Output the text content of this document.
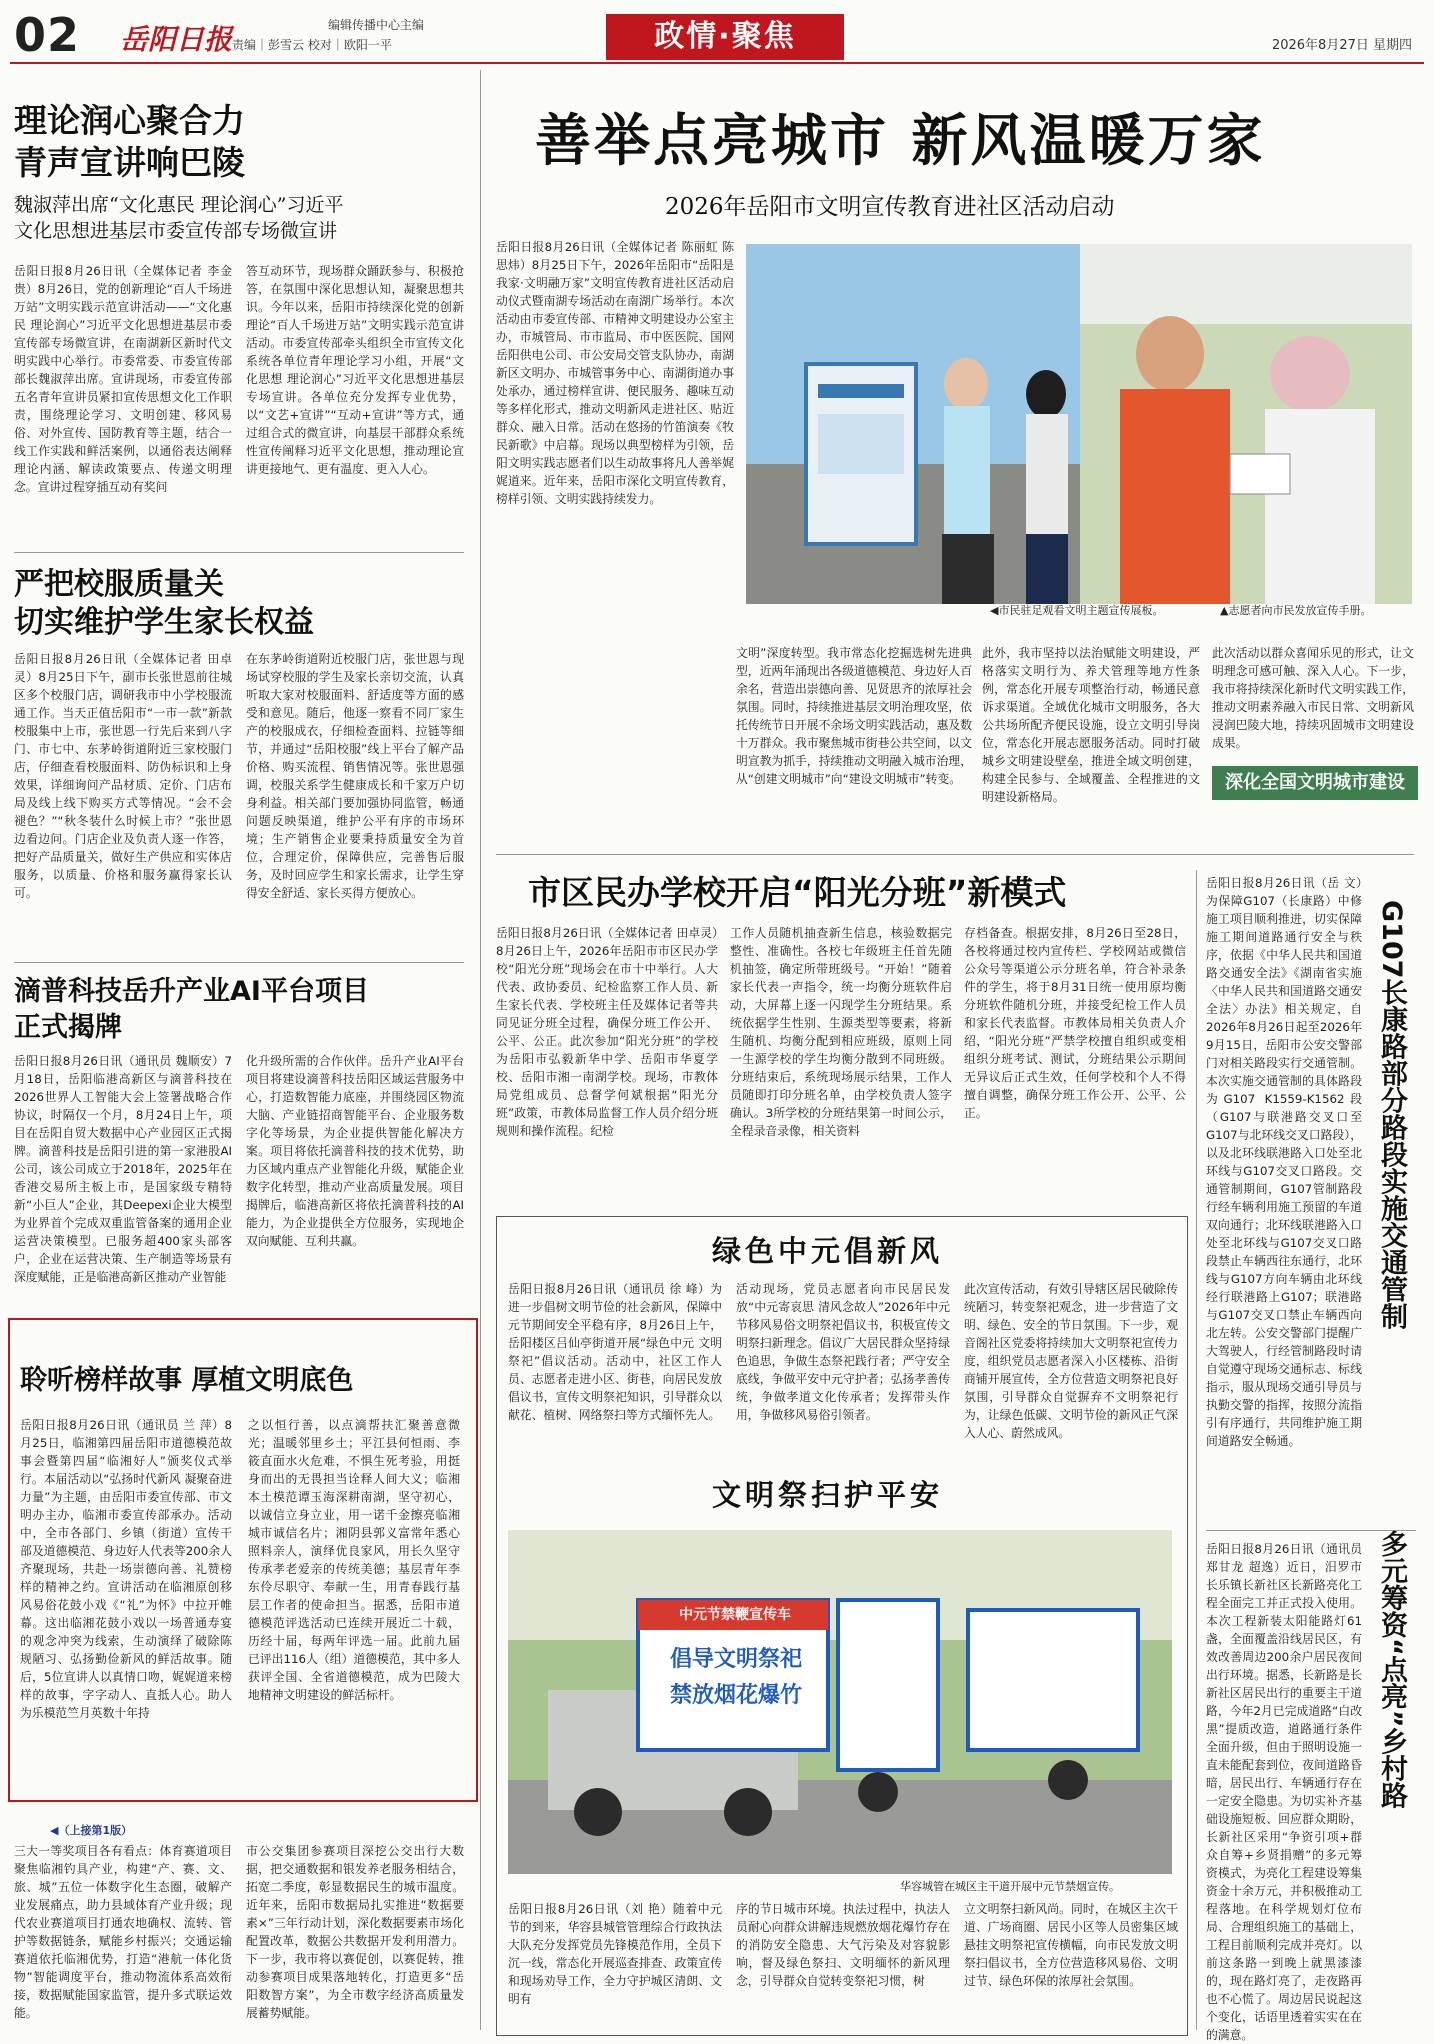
02 岳阳日报	编辑传播中心主编
责编｜彭雪云 校对｜欧阳一平	政情·聚焦	2026年8月27日 星期四
理论润心聚合力
青声宣讲响巴陵
魏淑萍出席“文化惠民 理论润心”习近平
文化思想进基层市委宣传部专场微宣讲
岳阳日报8月26日讯（全媒体记者 李金贵）8月26日，党的创新理论“百人千场进万站”文明实践示范宣讲活动——“文化惠民 理论润心”习近平文化思想进基层市委宣传部专场微宣讲，在南湖新区新时代文明实践中心举行。市委常委、市委宣传部部长魏淑萍出席。宣讲现场，市委宣传部五名青年宣讲员紧扣宣传思想文化工作职责，围绕理论学习、文明创建、移风易俗、对外宣传、国防教育等主题，结合一线工作实践和鲜活案例，以通俗表达阐释理论内涵、解读政策要点、传递文明理念。宣讲过程穿插互动有奖问
答互动环节，现场群众踊跃参与、积极抢答，在氛围中深化思想认知，凝聚思想共识。今年以来，岳阳市持续深化党的创新理论“百人千场进万站”文明实践示范宣讲活动。市委宣传部牵头组织全市宣传文化系统各单位青年理论学习小组，开展“文化思想 理论润心”习近平文化思想进基层专场宣讲。各单位充分发挥专业优势，以“文艺+宣讲”“互动+宣讲”等方式，通过组合式的微宣讲，向基层干部群众系统性宣传阐释习近平文化思想，推动理论宣讲更接地气、更有温度、更入人心。
严把校服质量关
切实维护学生家长权益
岳阳日报8月26日讯（全媒体记者 田卓灵）8月25日下午，副市长张世恩前往城区多个校服门店，调研我市中小学校服流通工作。当天正值岳阳市“一市一款”新款校服集中上市，张世恩一行先后来到八字门、市七中、东茅岭街道附近三家校服门店，仔细查看校服面料、防伪标识和上身效果，详细询问产品材质、定价、门店布局及线上线下购买方式等情况。“会不会褪色？”“秋冬装什么时候上市？”张世恩边看边问。门店企业及负责人逐一作答，把好产品质量关，做好生产供应和实体店服务，以质量、价格和服务赢得家长认可。
在东茅岭街道附近校服门店，张世恩与现场试穿校服的学生及家长亲切交流，认真听取大家对校服面料、舒适度等方面的感受和意见。随后，他逐一察看不同厂家生产的校服成衣，仔细检查面料、拉链等细节，并通过“岳阳校服”线上平台了解产品价格、购买流程、销售情况等。张世恩强调，校服关系学生健康成长和千家万户切身利益。相关部门要加强协同监管，畅通问题反映渠道，维护公平有序的市场环境；生产销售企业要秉持质量安全为首位，合理定价，保障供应，完善售后服务，及时回应学生和家长需求，让学生穿得安全舒适、家长买得方便放心。
滴普科技岳升产业AI平台项目
正式揭牌
岳阳日报8月26日讯（通讯员 魏顺安）7月18日，岳阳临港高新区与滴普科技在2026世界人工智能大会上签署战略合作协议，时隔仅一个月，8月24日上午，项目在岳阳自贸大数据中心产业园区正式揭牌。滴普科技是岳阳引进的第一家港股AI公司，该公司成立于2018年，2025年在香港交易所主板上市，是国家级专精特新“小巨人”企业，其Deepexi企业大模型为业界首个完成双重监管备案的通用企业运营决策模型。已服务超400家头部客户，企业在运营决策、生产制造等场景有深度赋能，正是临港高新区推动产业智能
化升级所需的合作伙伴。岳升产业AI平台项目将建设滴普科技岳阳区域运营服务中心，打造数智能力底座，并围绕园区物流大脑、产业链招商智能平台、企业服务数字化等场景，为企业提供智能化解决方案。项目将依托滴普科技的技术优势，助力区域内重点产业智能化升级，赋能企业数字化转型，推动产业高质量发展。项目揭牌后，临港高新区将依托滴普科技的AI能力，为企业提供全方位服务，实现地企双向赋能、互利共赢。
聆听榜样故事 厚植文明底色
岳阳日报8月26日讯（通讯员 兰 萍）8月25日，临湘第四届岳阳市道德模范故事会暨第四届“临湘好人”颁奖仪式举行。本届活动以“弘扬时代新风 凝聚奋进力量”为主题，由岳阳市委宣传部、市文明办主办，临湘市委宣传部承办。活动中，全市各部门、乡镇（街道）宣传干部及道德模范、身边好人代表等200余人齐聚现场，共赴一场崇德向善、礼赞榜样的精神之约。宣讲活动在临湘原创移风易俗花鼓小戏《“礼”为怀》中拉开帷幕。这出临湘花鼓小戏以一场普通寿宴的观念冲突为线索，生动演绎了破除陈规陋习、弘扬勤俭新风的鲜活故事。随后，5位宣讲人以真情口吻，娓娓道来榜样的故事，字字动人、直抵人心。助人为乐模范竺月英数十年持
之以恒行善，以点滴帮扶汇聚善意微光；温暖邻里乡土；平江县何恒雨、李筱直面水火危难，不惧生死考验，用挺身而出的无畏担当诠释人间大义；临湘本土模范谭玉海深耕南湖，坚守初心，以诚信立身立业，用一诺千金擦亮临湘城市诚信名片；湘阴县郭义富常年悉心照料亲人，演绎优良家风，用长久坚守传承孝老爱亲的传统美德；基层青年李东伶尽职守、奉献一生，用青春践行基层工作者的使命担当。据悉，岳阳市道德模范评选活动已连续开展近二十载，历经十届，每两年评选一届。此前九届已评出116人（组）道德模范，其中多人获评全国、全省道德模范，成为巴陵大地精神文明建设的鲜活标杆。
◀（上接第1版）
三大一等奖项目各有看点：体育赛道项目聚焦临湘钓具产业，构建“产、赛、文、旅、城”五位一体数字化生态圈，破解产业发展痛点，助力县域体育产业升级；现代农业赛道项目打通农地确权、流转、管护等数据链条，赋能乡村振兴；交通运输赛道依托临湘优势，打造“港航一体化货物”智能调度平台，推动物流体系高效衔接，数据赋能国家监管，提升多式联运效能。
市公交集团参赛项目深挖公交出行大数据，把交通数据和银发养老服务相结合，拓宽二季度，彰显数据民生的城市温度。近年来，岳阳市数据局扎实推进“数据要素×”三年行动计划，深化数据要素市场化配置改革，数据公共数据开发利用潜力。下一步，我市将以赛促创，以赛促转，推动参赛项目成果落地转化，打造更多“岳阳数智方案”，为全市数字经济高质量发展蓄势赋能。
善举点亮城市 新风温暖万家
2026年岳阳市文明宣传教育进社区活动启动
岳阳日报8月26日讯（全媒体记者 陈丽虹 陈思炜）8月25日下午，2026年岳阳市“岳阳是我家·文明融万家”文明宣传教育进社区活动启动仪式暨南湖专场活动在南湖广场举行。本次活动由市委宣传部、市精神文明建设办公室主办，市城管局、市市监局、市中医医院、国网岳阳供电公司、市公安局交管支队协办，南湖新区文明办、市城管事务中心、南湖街道办事处承办，通过榜样宣讲、便民服务、趣味互动等多样化形式，推动文明新风走进社区、贴近群众、融入日常。活动在悠扬的竹笛演奏《牧民新歌》中启幕。现场以典型榜样为引领，岳阳文明实践志愿者们以生动故事将凡人善举娓娓道来。近年来，岳阳市深化文明宣传教育，榜样引领、文明实践持续发力。
◀市民驻足观看文明主题宣传展板。	▲志愿者向市民发放宣传手册。
文明”深度转型。我市常态化挖掘选树先进典型，近两年涌现出各级道德模范、身边好人百余名，营造出崇德向善、见贤思齐的浓厚社会氛围。同时，持续推进基层文明治理攻坚，依托传统节日开展不余场文明实践活动，惠及数十万群众。我市聚焦城市街巷公共空间，以文明宣教为抓手，持续推动文明融入城市治理，从“创建文明城市”向“建设文明城市”转变。
此外，我市坚持以法治赋能文明建设，严格落实文明行为、养犬管理等地方性条例，常态化开展专项整治行动，畅通民意诉求渠道。全域优化城市文明服务，各大公共场所配齐便民设施，设立文明引导岗位，常态化开展志愿服务活动。同时打破城乡文明建设壁垒，推进全域文明创建，构建全民参与、全域覆盖、全程推进的文明建设新格局。
此次活动以群众喜闻乐见的形式，让文明理念可感可触、深入人心。下一步，我市将持续深化新时代文明实践工作，推动文明素养融入市民日常、文明新风浸润巴陵大地，持续巩固城市文明建设成果。
深化全国文明城市建设
市区民办学校开启“阳光分班”新模式
岳阳日报8月26日讯（全媒体记者 田卓灵）8月26日上午，2026年岳阳市市区民办学校“阳光分班”现场会在市十中举行。人大代表、政协委员、纪检监察工作人员、新生家长代表、学校班主任及媒体记者等共同见证分班全过程，确保分班工作公开、公平、公正。此次参加“阳光分班”的学校为岳阳市弘毅新华中学、岳阳市华夏学校、岳阳市湘一南湖学校。现场，市教体局党组成员、总督学何斌根据“阳光分班”政策，市教体局监督工作人员介绍分班规则和操作流程。纪检
工作人员随机抽查新生信息，核验数据完整性、准确性。各校七年级班主任首先随机抽签，确定所带班级号。“开始！”随着家长代表一声指令，统一均衡分班软件启动，大屏幕上逐一闪现学生分班结果。系统依据学生性别、生源类型等要素，将新生随机、均衡分配到相应班级，原则上同一生源学校的学生均衡分散到不同班级。分班结束后，系统现场展示结果，工作人员随即打印分班名单，由学校负责人签字确认。3所学校的分班结果第一时间公示，全程录音录像，相关资料
存档备查。根据安排，8月26日至28日，各校将通过校内宣传栏、学校网站或微信公众号等渠道公示分班名单，符合补录条件的学生，将于8月31日统一使用原均衡分班软件随机分班，并接受纪检工作人员和家长代表监督。市教体局相关负责人介绍，“阳光分班”严禁学校擅自组织或变相组织分班考试、测试，分班结果公示期间无异议后正式生效，任何学校和个人不得擅自调整，确保分班工作公开、公平、公正。
绿色中元倡新风
岳阳日报8月26日讯（通讯员 徐 峰）为进一步倡树文明节俭的社会新风，保障中元节期间安全平稳有序，8月26日上午，岳阳楼区吕仙亭街道开展“绿色中元 文明祭祀”倡议活动。活动中，社区工作人员、志愿者走进小区、街巷，向居民发放倡议书，宣传文明祭祀知识，引导群众以献花、植树、网络祭扫等方式缅怀先人。
活动现场，党员志愿者向市民居民发放“中元寄哀思 清风念故人”2026年中元节移风易俗文明祭祀倡议书，积极宣传文明祭扫新理念。倡议广大居民群众坚持绿色追思，争做生态祭祀践行者；严守安全底线，争做平安中元守护者；弘扬孝善传统，争做孝道文化传承者；发挥带头作用，争做移风易俗引领者。
此次宣传活动，有效引导辖区居民破除传统陋习，转变祭祀观念，进一步营造了文明、绿色、安全的节日氛围。下一步，观音阁社区党委将持续加大文明祭祀宣传力度，组织党员志愿者深入小区楼栋、沿街商铺开展宣传，全方位营造文明祭祀良好氛围，引导群众自觉摒弃不文明祭祀行为，让绿色低碳、文明节俭的新风正气深入人心、蔚然成风。
文明祭扫护平安
中元节禁鞭宣传车
倡导文明祭祀
禁放烟花爆竹
华容城管在城区主干道开展中元节禁烟宣传。
岳阳日报8月26日讯（刘 艳）随着中元节的到来，华容县城管管理综合行政执法大队充分发挥党员先锋模范作用，全员下沉一线，常态化开展巡查排查、政策宣传和现场劝导工作，全力守护城区清朗、文明有
序的节日城市环境。执法过程中，执法人员耐心向群众讲解违规燃放烟花爆竹存在的消防安全隐患、大气污染及对容貌影响，督及绿色祭扫、文明缅怀的新风理念，引导群众自觉转变祭祀习惯，树
立文明祭扫新风尚。同时，在城区主次干道、广场商圈、居民小区等人员密集区域悬挂文明祭祀宣传横幅，向市民发放文明祭扫倡议书，全方位营造移风易俗、文明过节、绿色环保的浓厚社会氛围。
岳阳日报8月26日讯（岳 文）为保障G107（长康路）中修施工项目顺利推进，切实保障施工期间道路通行安全与秩序，依据《中华人民共和国道路交通安全法》《湖南省实施〈中华人民共和国道路交通安全法〉办法》相关规定，自2026年8月26日起至2026年9月15日，岳阳市公安交警部门对相关路段实行交通管制。本次实施交通管制的具体路段为G107 K1559-K1562段（G107与联港路交叉口至G107与北环线交叉口路段），以及北环线联港路入口处至北环线与G107交叉口路段。交通管制期间，G107管制路段行经车辆利用施工预留的车道双向通行；北环线联港路入口处至北环线与G107交叉口路段禁止车辆西往东通行，北环线与G107方向车辆由北环线经行联港路上G107；联港路与G107交叉口禁止车辆西向北左转。公安交警部门提醒广大驾驶人，行经管制路段时请自觉遵守现场交通标志、标线指示，服从现场交通引导员与执勤交警的指挥，按照分流指引有序通行，共同维护施工期间道路安全畅通。
G107长康路部分路段实施交通管制
岳阳日报8月26日讯（通讯员 郑甘龙 超逸）近日，汨罗市长乐镇长新社区长新路亮化工程全面完工并正式投入使用。本次工程新装太阳能路灯61盏，全面覆盖沿线居民区，有效改善周边200余户居民夜间出行环境。据悉，长新路是长新社区居民出行的重要主干道路，今年2月已完成道路“白改黑”提质改造，道路通行条件全面升级，但由于照明设施一直未能配套到位，夜间道路昏暗，居民出行、车辆通行存在一定安全隐患。为切实补齐基础设施短板、回应群众期盼，长新社区采用“争资引项+群众自筹+乡贤捐赠”的多元筹资模式，为亮化工程建设筹集资金十余万元，并积极推动工程落地。在科学规划灯位布局、合理组织施工的基础上，工程目前顺利完成并亮灯。以前这条路一到晚上就黑漆漆的，现在路灯亮了，走夜路再也不心慌了。周边居民说起这个变化，话语里透着实实在在的满意。
多元筹资“点亮”乡村路
